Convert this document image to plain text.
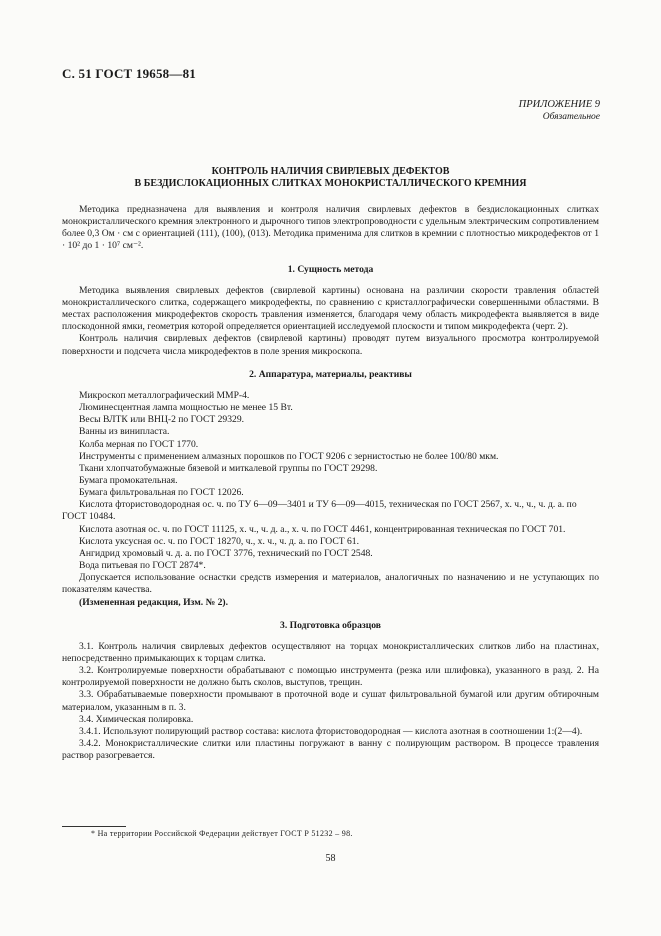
С. 51 ГОСТ 19658—81
ПРИЛОЖЕНИЕ 9
Обязательное
КОНТРОЛЬ НАЛИЧИЯ СВИРЛЕВЫХ ДЕФЕКТОВ
В БЕЗДИСЛОКАЦИОННЫХ СЛИТКАХ МОНОКРИСТАЛЛИЧЕСКОГО КРЕМНИЯ

Методика предназначена для выявления и контроля наличия свирлевых дефектов в бездислокационных слитках монокристаллического кремния электронного и дырочного типов электропроводности с удельным электрическим сопротивлением более 0,3 Ом · см с ориентацией (111), (100), (013). Методика применима для слитков в кремнии с плотностью микродефектов от 1 · 10² до 1 · 10⁷ см⁻².

1. Сущность метода

Методика выявления свирлевых дефектов (свирлевой картины) основана на различии скорости травления областей монокристаллического слитка, содержащего микродефекты, по сравнению с кристаллографически совершенными областями. В местах расположения микродефектов скорость травления изменяется, благодаря чему область микродефекта выявляется в виде плоскодонной ямки, геометрия которой определяется ориентацией исследуемой плоскости и типом микродефекта (черт. 2).

Контроль наличия свирлевых дефектов (свирлевой картины) проводят путем визуального просмотра контролируемой поверхности и подсчета числа микродефектов в поле зрения микроскопа.

2. Аппаратура, материалы, реактивы

Микроскоп металлографический ММР-4.

Люминесцентная лампа мощностью не менее 15 Вт.

Весы ВЛТК или ВНЦ-2 по ГОСТ 29329.

Ванны из винипласта.

Колба мерная по ГОСТ 1770.

Инструменты с применением алмазных порошков по ГОСТ 9206 с зернистостью не более 100/80 мкм.

Ткани хлопчатобумажные бязевой и миткалевой группы по ГОСТ 29298.

Бумага промокательная.

Бумага фильтровальная по ГОСТ 12026.

Кислота фтористоводородная ос. ч. по ТУ 6—09—3401 и ТУ 6—09—4015, техническая по ГОСТ 2567, х. ч., ч., ч. д. а. по ГОСТ 10484.

Кислота азотная ос. ч. по ГОСТ 11125, х. ч., ч. д. а., х. ч. по ГОСТ 4461, концентрированная техническая по ГОСТ 701.

Кислота уксусная ос. ч. по ГОСТ 18270, ч., х. ч., ч. д. а. по ГОСТ 61.

Ангидрид хромовый ч. д. а. по ГОСТ 3776, технический по ГОСТ 2548.

Вода питьевая по ГОСТ 2874*.

Допускается использование оснастки средств измерения и материалов, аналогичных по назначению и не уступающих по показателям качества.

(Измененная редакция, Изм. № 2).

3. Подготовка образцов

3.1. Контроль наличия свирлевых дефектов осуществляют на торцах монокристаллических слитков либо на пластинах, непосредственно примыкающих к торцам слитка.

3.2. Контролируемые поверхности обрабатывают с помощью инструмента (резка или шлифовка), указанного в разд. 2. На контролируемой поверхности не должно быть сколов, выступов, трещин.

3.3. Обрабатываемые поверхности промывают в проточной воде и сушат фильтровальной бумагой или другим обтирочным материалом, указанным в п. 3.

3.4. Химическая полировка.

3.4.1. Используют полирующий раствор состава: кислота фтористоводородная — кислота азотная в соотношении 1:(2—4).

3.4.2. Монокристаллические слитки или пластины погружают в ванну с полирующим раствором. В процессе травления раствор разогревается.

* На территории Российской Федерации действует ГОСТ Р 51232 – 98.
58
